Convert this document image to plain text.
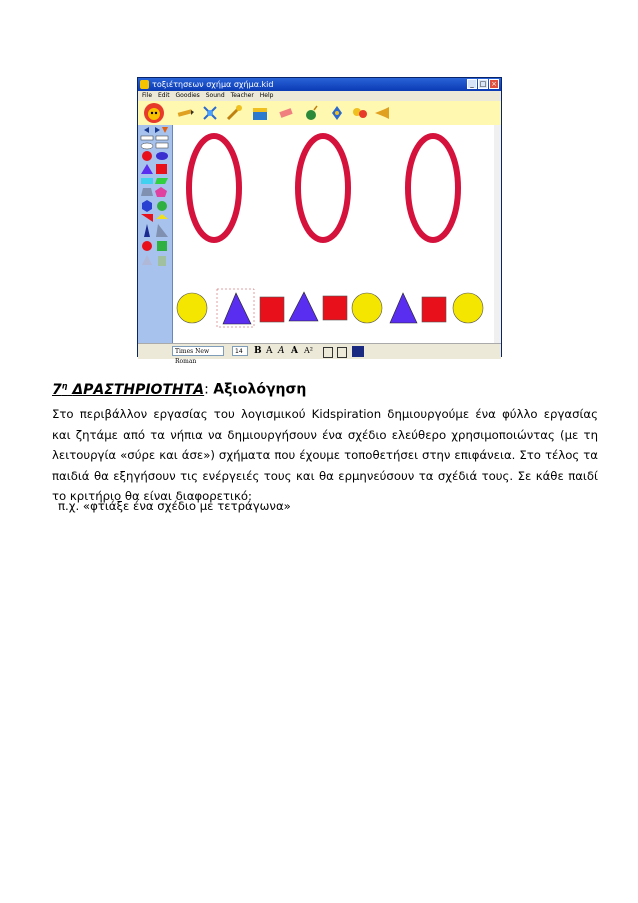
τοξιέτησεων σχήμα σχήμα.kid	_ □ ×
File Edit Goodies Sound Teacher Help
Times New Roman
14	B A A A A²
$7^\eta$ ΔΡΑΣΤΗΡΙΟΤΗΤΑ: Αξιολόγηση
Στο περιβάλλον εργασίας του λογισμικού Kidspiration δημιουργούμε ένα φύλλο εργασίας και ζητάμε από τα νήπια να δημιουργήσουν ένα σχέδιο ελεύθερο χρησιμοποιώντας (με τη λειτουργία «σύρε και άσε») σχήματα που έχουμε τοποθετήσει στην επιφάνεια. Στο τέλος τα παιδιά θα εξηγήσουν τις ενέργειές τους και θα ερμηνεύσουν τα σχέδιά τους. Σε κάθε παιδί το κριτήριο θα είναι διαφορετικό:
π.χ. «φτιάξε ένα σχέδιο με τετράγωνα»
